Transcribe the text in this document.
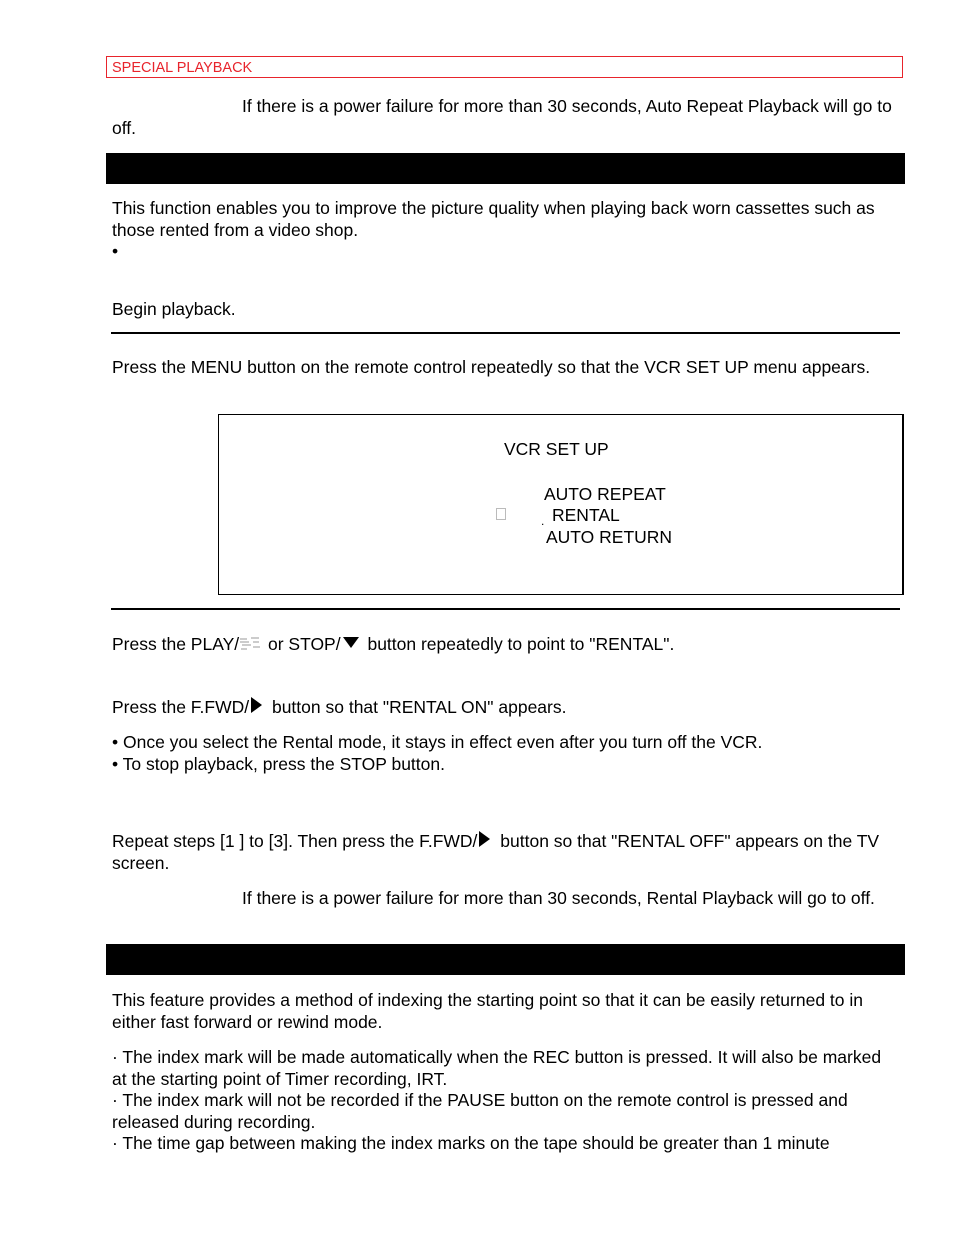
SPECIAL PLAYBACK

If there is a power failure for more than 30 seconds, Auto Repeat Playback will go to off.

This function enables you to improve the picture quality when playing back worn cassettes such as those rented from a video shop.

•

Begin playback.

Press the MENU button on the remote control repeatedly so that the VCR SET UP menu appears.

VCR SET UP
AUTO REPEAT
. RENTAL
AUTO RETURN

Press the PLAY/ or STOP/ button repeatedly to point to "RENTAL".

Press the F.FWD/ button so that "RENTAL ON" appears.

• Once you select the Rental mode, it stays in effect even after you turn off the VCR.

• To stop playback, press the STOP button.

Repeat steps [1 ] to [3]. Then press the F.FWD/ button so that "RENTAL OFF" appears on the TV screen.

If there is a power failure for more than 30 seconds, Rental Playback will go to off.

This feature provides a method of indexing the starting point so that it can be easily returned to in either fast forward or rewind mode.

· The index mark will be made automatically when the REC button is pressed. It will also be marked at the starting point of Timer recording, IRT.

· The index mark will not be recorded if the PAUSE button on the remote control is pressed and released during recording.

· The time gap between making the index marks on the tape should be greater than 1 minute
